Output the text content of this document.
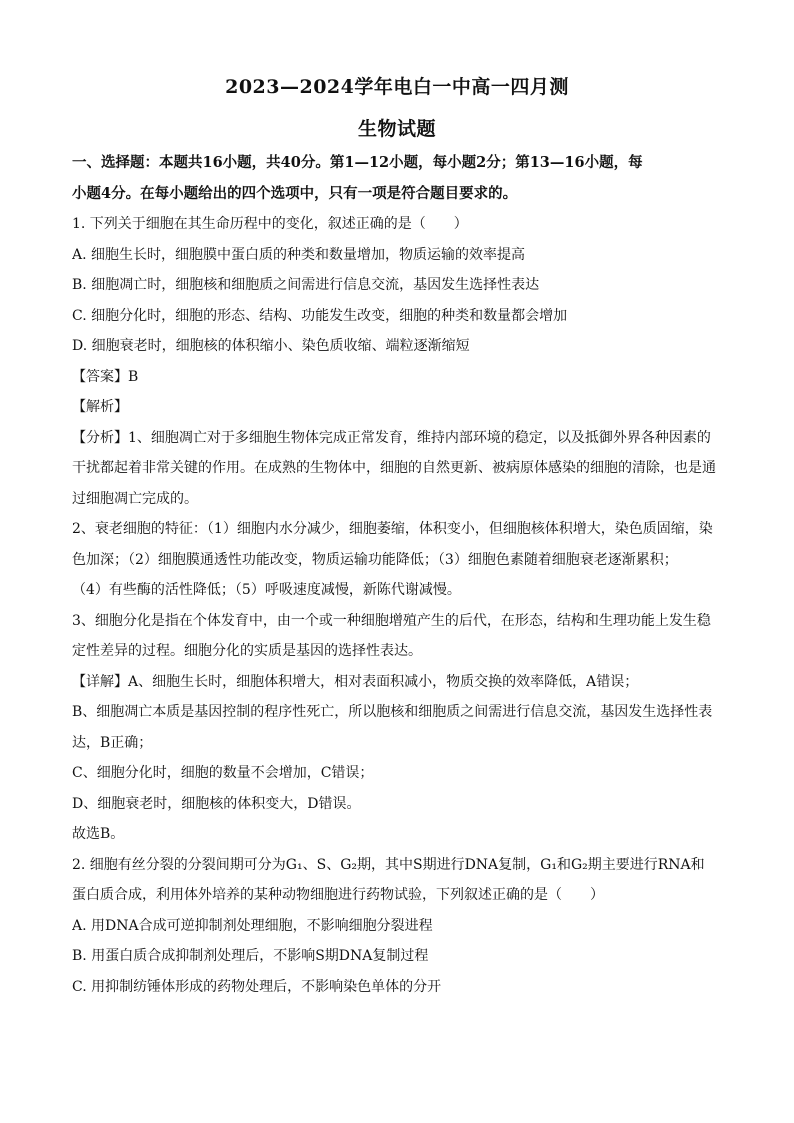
2023—2024学年电白一中高一四月测
生物试题
一、选择题：本题共16小题，共40分。第1—12小题，每小题2分；第13—16小题，每
小题4分。在每小题给出的四个选项中，只有一项是符合题目要求的。
1. 下列关于细胞在其生命历程中的变化，叙述正确的是（　　）
A. 细胞生长时，细胞膜中蛋白质的种类和数量增加，物质运输的效率提高
B. 细胞凋亡时，细胞核和细胞质之间需进行信息交流，基因发生选择性表达
C. 细胞分化时，细胞的形态、结构、功能发生改变，细胞的种类和数量都会增加
D. 细胞衰老时，细胞核的体积缩小、染色质收缩、端粒逐渐缩短
【答案】B
【解析】
【分析】1、细胞凋亡对于多细胞生物体完成正常发育，维持内部环境的稳定，以及抵御外界各种因素的
干扰都起着非常关键的作用。在成熟的生物体中，细胞的自然更新、被病原体感染的细胞的清除，也是通
过细胞凋亡完成的。
2、衰老细胞的特征：（1）细胞内水分减少，细胞萎缩，体积变小，但细胞核体积增大，染色质固缩，染
色加深；（2）细胞膜通透性功能改变，物质运输功能降低；（3）细胞色素随着细胞衰老逐渐累积；
（4）有些酶的活性降低；（5）呼吸速度减慢，新陈代谢减慢。
3、细胞分化是指在个体发育中，由一个或一种细胞增殖产生的后代，在形态，结构和生理功能上发生稳
定性差异的过程。细胞分化的实质是基因的选择性表达。
【详解】A、细胞生长时，细胞体积增大，相对表面积减小，物质交换的效率降低，A错误；
B、细胞凋亡本质是基因控制的程序性死亡，所以胞核和细胞质之间需进行信息交流，基因发生选择性表
达，B正确；
C、细胞分化时，细胞的数量不会增加，C错误；
D、细胞衰老时，细胞核的体积变大，D错误。
故选B。
2. 细胞有丝分裂的分裂间期可分为G₁、S、G₂期，其中S期进行DNA复制，G₁和G₂期主要进行RNA和
蛋白质合成，利用体外培养的某种动物细胞进行药物试验，下列叙述正确的是（　　）
A. 用DNA合成可逆抑制剂处理细胞，不影响细胞分裂进程
B. 用蛋白质合成抑制剂处理后，不影响S期DNA复制过程
C. 用抑制纺锤体形成的药物处理后，不影响染色单体的分开
